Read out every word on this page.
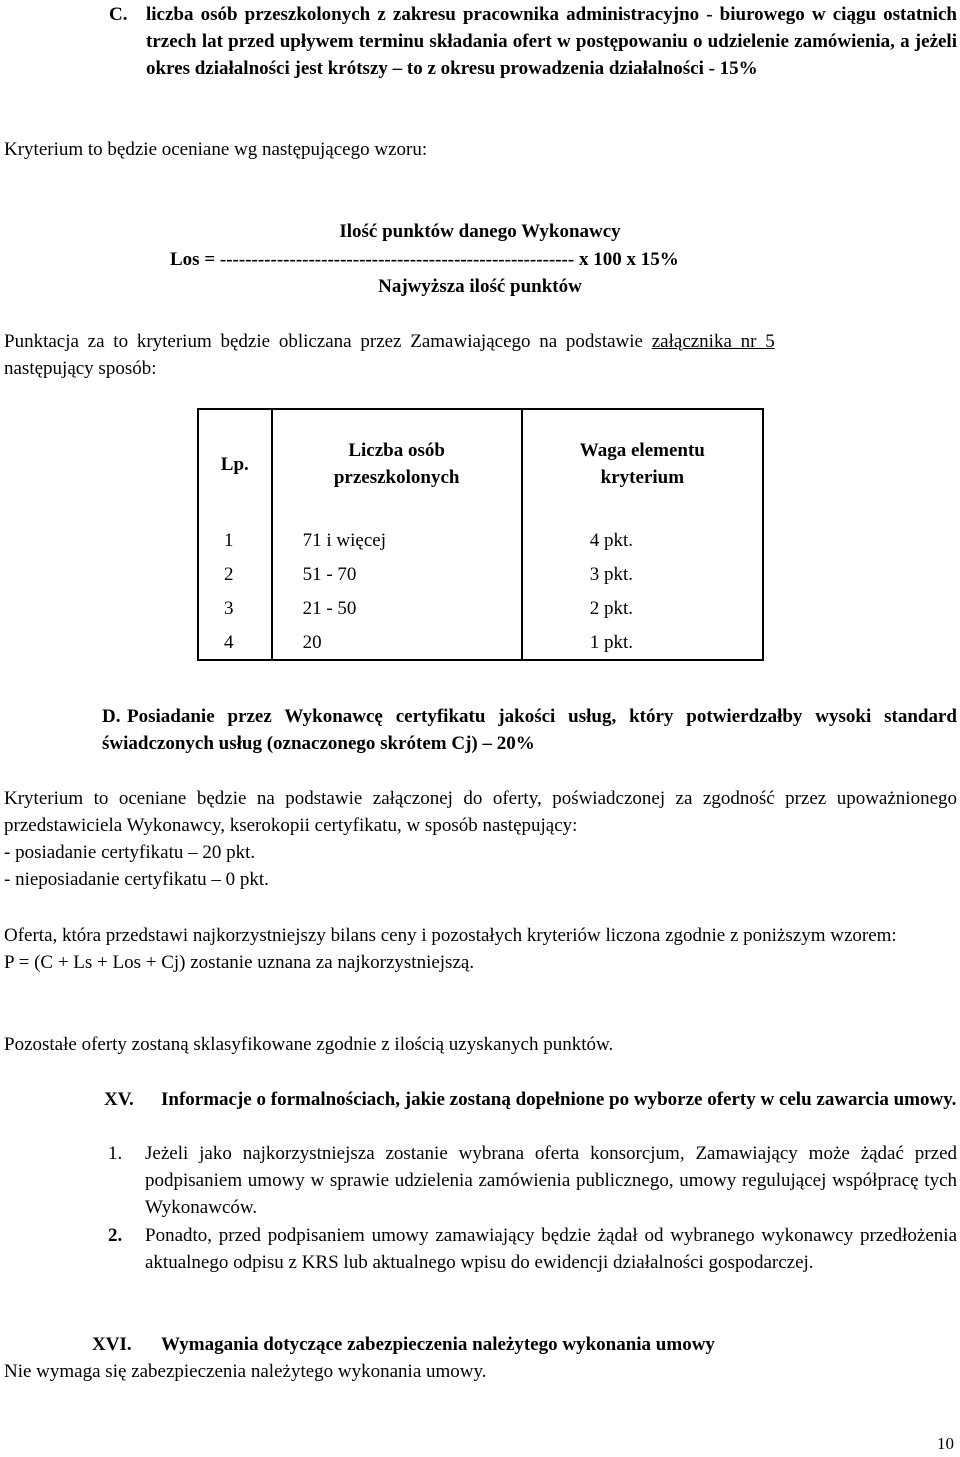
C. liczba osób przeszkolonych z zakresu pracownika administracyjno - biurowego w ciągu ostatnich trzech lat przed upływem terminu składania ofert w postępowaniu o udzielenie zamówienia, a jeżeli okres działalności jest krótszy – to z okresu prowadzenia działalności - 15%

Kryterium to będzie oceniane wg następującego wzoru:

Ilość punktów danego Wykonawcy

Los = -------------------------------------------------------- x 100 x 15%

Najwyższa ilość punktów

Punktacja za to kryterium będzie obliczana przez Zamawiającego na podstawie załącznika nr 5

następujący sposób:

Lp.	Liczba osób przeszkolonych	Waga elementu kryterium

1	71 i więcej	4 pkt.

2	51 - 70	3 pkt.

3	21 - 50	2 pkt.

4	20	1 pkt.
D. Posiadanie przez Wykonawcę certyfikatu jakości usług, który potwierdzałby wysoki standard świadczonych usług (oznaczonego skrótem Cj) – 20%

Kryterium to oceniane będzie na podstawie załączonej do oferty, poświadczonej za zgodność przez upoważnionego przedstawiciela Wykonawcy, kserokopii certyfikatu, w sposób następujący:

- posiadanie certyfikatu – 20 pkt.

- nieposiadanie certyfikatu – 0 pkt.

Oferta, która przedstawi najkorzystniejszy bilans ceny i pozostałych kryteriów liczona zgodnie z poniższym wzorem:

P = (C + Ls + Los + Cj) zostanie uznana za najkorzystniejszą.

Pozostałe oferty zostaną sklasyfikowane zgodnie z ilością uzyskanych punktów.

XV.	Informacje o formalnościach, jakie zostaną dopełnione po wyborze oferty w celu zawarcia umowy.

1.	Jeżeli jako najkorzystniejsza zostanie wybrana oferta konsorcjum, Zamawiający może żądać przed podpisaniem umowy w sprawie udzielenia zamówienia publicznego, umowy regulującej współpracę tych Wykonawców.

2.	Ponadto, przed podpisaniem umowy zamawiający będzie żądał od wybranego wykonawcy przedłożenia aktualnego odpisu z KRS lub aktualnego wpisu do ewidencji działalności gospodarczej.

XVI.	Wymagania dotyczące zabezpieczenia należytego wykonania umowy

Nie wymaga się zabezpieczenia należytego wykonania umowy.

10
